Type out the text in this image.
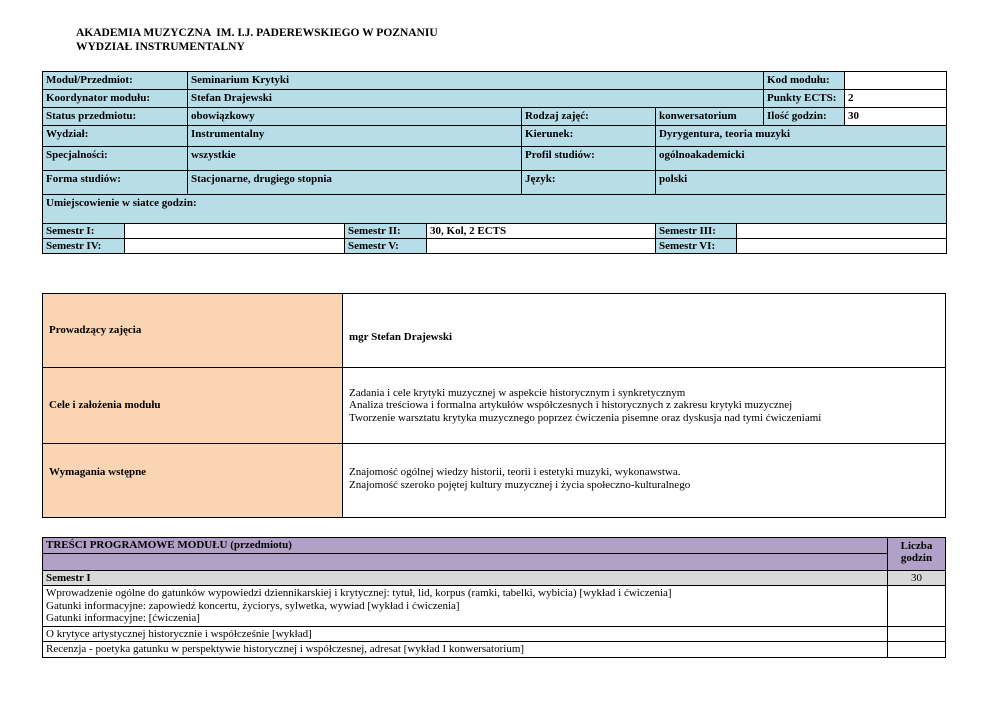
AKADEMIA MUZYCZNA  IM. I.J. PADEREWSKIEGO W POZNANIU
WYDZIAŁ INSTRUMENTALNY
Moduł/Przedmiot:		Seminarium Krytyki						Kod modułu:	
Koordynator modułu:		Stefan Drajewski						Punkty ECTS:	2
Status przedmiotu:		obowiązkowy			Rodzaj zajęć:	konwersatorium		Ilość godzin:	30
Wydział:		Instrumentalny			Kierunek:	Dyrygentura, teoria muzyki			
Specjalności:		wszystkie			Profil studiów:	ogólnoakademicki			
Forma studiów:		Stacjonarne, drugiego stopnia			Język:	polski			
Umiejscowienie w siatce godzin:									
Semestr I:			Semestr II:	30, Kol, 2 ECTS		Semestr III:			
Semestr IV:			Semestr V:			Semestr VI:			
Prowadzący zajęcia	mgr Stefan Drajewski
Cele i założenia modułu	Zadania i cele krytyki muzycznej w aspekcie historycznym i synkretycznym
Analiza treściowa i formalna artykułów współczesnych i historycznych z zakresu krytyki muzycznej
Tworzenie warsztatu krytyka muzycznego poprzez ćwiczenia pisemne oraz dyskusja nad tymi ćwiczeniami

Wymagania wstępne	Znajomość ogólnej wiedzy historii, teorii i estetyki muzyki, wykonawstwa.
Znajomość szeroko pojętej kultury muzycznej i życia społeczno-kulturalnego
TREŚCI PROGRAMOWE MODUŁU (przedmiotu)	Liczba godzin

Semestr I	30

Wprowadzenie ogólne do gatunków wypowiedzi dziennikarskiej i krytycznej: tytuł, lid, korpus (ramki, tabelki, wybicia) [wykład i ćwiczenia]
Gatunki informacyjne: zapowiedź koncertu, życiorys, sylwetka, wywiad [wykład i ćwiczenia]
Gatunki informacyjne: [ćwiczenia]	

O krytyce artystycznej historycznie i współcześnie [wykład]	

Recenzja - poetyka gatunku w perspektywie historycznej i współczesnej, adresat [wykład I konwersatorium]	
